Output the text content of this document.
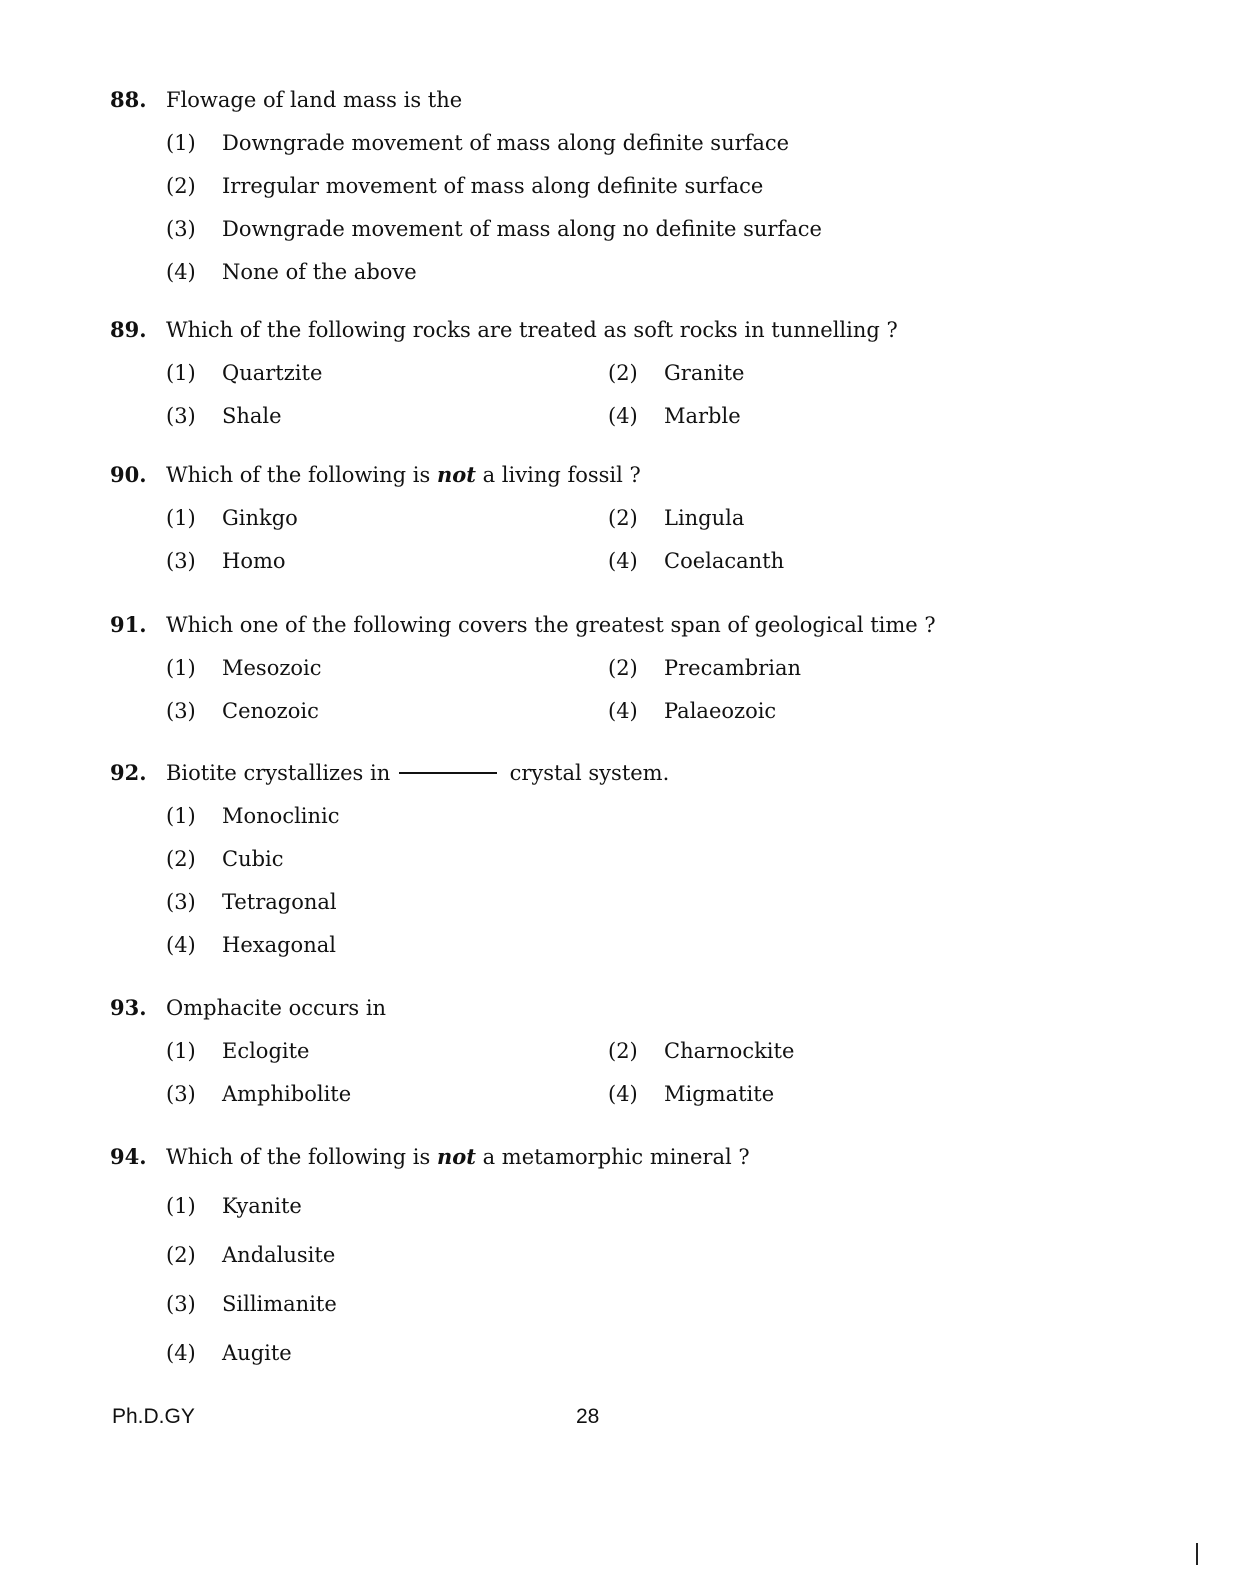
88. Flowage of land mass is the
(1) Downgrade movement of mass along definite surface
(2) Irregular movement of mass along definite surface
(3) Downgrade movement of mass along no definite surface
(4) None of the above
89. Which of the following rocks are treated as soft rocks in tunnelling ?
(1) Quartzite	(2) Granite
(3) Shale	(4) Marble
90. Which of the following is not a living fossil ?
(1) Ginkgo	(2) Lingula
(3) Homo	(4) Coelacanth
91. Which one of the following covers the greatest span of geological time ?
(1) Mesozoic	(2) Precambrian
(3) Cenozoic	(4) Palaeozoic
92. Biotite crystallizes in	crystal system.
(1) Monoclinic
(2) Cubic
(3) Tetragonal
(4) Hexagonal
93. Omphacite occurs in
(1) Eclogite	(2) Charnockite
(3) Amphibolite	(4) Migmatite
94. Which of the following is not a metamorphic mineral ?
(1) Kyanite
(2) Andalusite
(3) Sillimanite
(4) Augite
Ph.D.GY	28
